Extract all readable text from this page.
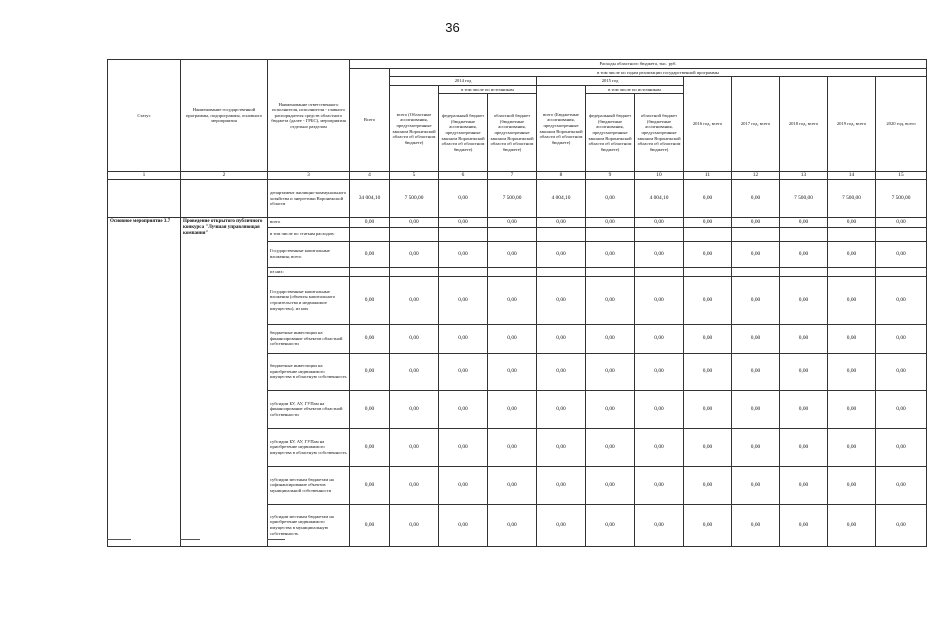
36
Статус	Наименование государственной программы, подпрограммы, основного мероприятия	Наименование ответственного исполнителя, исполнителя - главного распорядителя средств областного бюджета (далее - ГРБС), мероприятия отдельно разделам	Расходы областного бюджета, тыс. руб.											
			Всего	в том числе по годам реализации государственной программы										
				2014 год			2015 год			2016 год, всего	2017 год, всего	2018 год, всего	2019 год, всего	2020 год, всего
				всего (Областные ассигнования, предусмотренные законом Воронежской области об областном бюджете)	в том числе по источникам		всего (Бюджетные ассигнования, предусмотренные законом Воронежской области об областном бюджете)	в том числе по источникам						
					федеральный бюджет (бюджетные ассигнования, предусмотренные законом Воронежской области об областном бюджете)	областной бюджет (бюджетные ассигнования, предусмотренные законом Воронежской области об областном бюджете)		федеральный бюджет (бюджетные ассигнования, предусмотренные законом Воронежской области об областном бюджете)	областной бюджет (бюджетные ассигнования, предусмотренные законом Воронежской области об областном бюджете)					
1	2	3	4	5	6	7	8	9	10	11	12	13	14	15
		департамент жилищно-коммунального хозяйства и энергетики Воронежской области	34 004,10	7 500,00	0,00	7 500,00	4 004,10	0,00	4 004,10	0,00	0,00	7 500,00	7 500,00	7 500,00
Основное мероприятие 3.7	Проведение открытого публичного конкурса "Лучшая управляющая компания"	всего	0,00	0,00	0,00	0,00	0,00	0,00	0,00	0,00	0,00	0,00	0,00	0,00
		в том числе по статьям расходов:												
		Государственные капитальные вложения, всего	0,00	0,00	0,00	0,00	0,00	0,00	0,00	0,00	0,00	0,00	0,00	0,00
		из них:												
		Государственные капитальные вложения (объекты капитального строительства и недвижимое имущество), из них	0,00	0,00	0,00	0,00	0,00	0,00	0,00	0,00	0,00	0,00	0,00	0,00
		бюджетные инвестиции на финансирование объектов областной собственности	0,00	0,00	0,00	0,00	0,00	0,00	0,00	0,00	0,00	0,00	0,00	0,00
		бюджетные инвестиции на приобретение недвижимого имущества в областную собственность	0,00	0,00	0,00	0,00	0,00	0,00	0,00	0,00	0,00	0,00	0,00	0,00
		субсидии БУ, АУ, ГУПам на финансирование объектов областной собственности	0,00	0,00	0,00	0,00	0,00	0,00	0,00	0,00	0,00	0,00	0,00	0,00
		субсидии БУ, АУ, ГУПам на приобретение недвижимого имущества в областную собственность	0,00	0,00	0,00	0,00	0,00	0,00	0,00	0,00	0,00	0,00	0,00	0,00
		субсидии местным бюджетам на софинансирование объектов муниципальной собственности	0,00	0,00	0,00	0,00	0,00	0,00	0,00	0,00	0,00	0,00	0,00	0,00
		субсидии местным бюджетам на приобретение недвижимого имущества в муниципальную собственность	0,00	0,00	0,00	0,00	0,00	0,00	0,00	0,00	0,00	0,00	0,00	0,00
